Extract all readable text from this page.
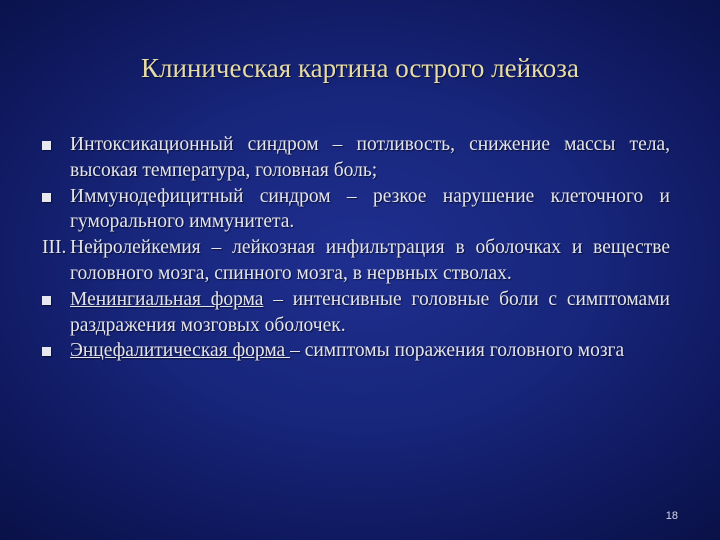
Клиническая картина острого лейкоза
Интоксикационный синдром – потливость, снижение массы тела, высокая температура, головная боль;
Иммунодефицитный синдром – резкое нарушение клеточного и гуморального иммунитета.
III. Нейролейкемия – лейкозная инфильтрация в оболочках и веществе головного мозга, спинного мозга, в нервных стволах.
Менингиальная форма – интенсивные головные боли с симптомами раздражения мозговых оболочек.
Энцефалитическая форма – симптомы поражения головного мозга
18
